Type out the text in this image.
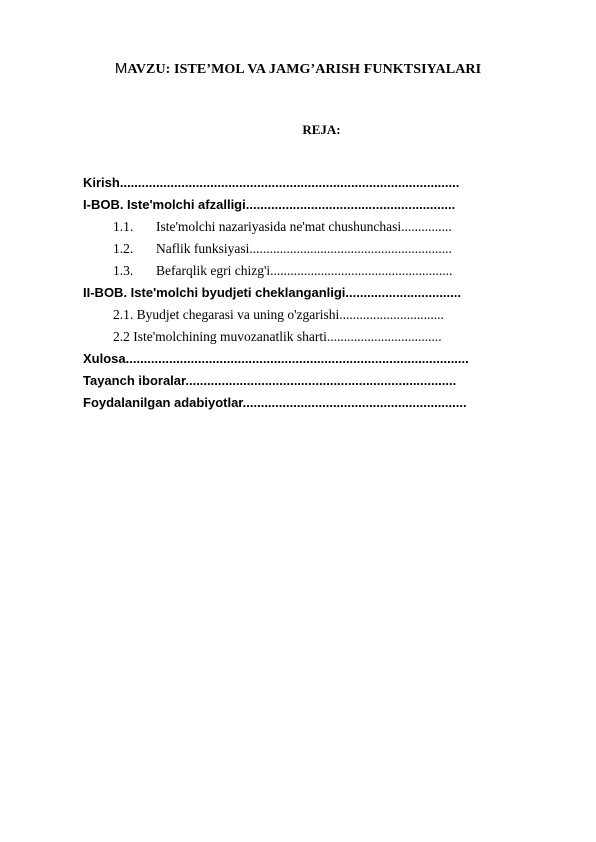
MAVZU: ISTE’MOL VA JAMG’ARISH FUNKTSIYALARI
REJA:
Kirish..............................................................................................
I-BOB. Iste'molchi afzalligi..........................................................
1.1. Iste'molchi nazariyasida ne'mat chushunchasi...............
1.2. Naflik funksiyasi............................................................
1.3. Befarqlik egri chizg'i......................................................
II-BOB. Iste'molchi byudjeti cheklanganligi................................
2.1. Byudjet chegarasi va uning o'zgarishi...............................
2.2 Iste'molchining muvozanatlik sharti..................................
Xulosa...............................................................................................
Tayanch iboralar...........................................................................
Foydalanilgan adabiyotlar..............................................................
